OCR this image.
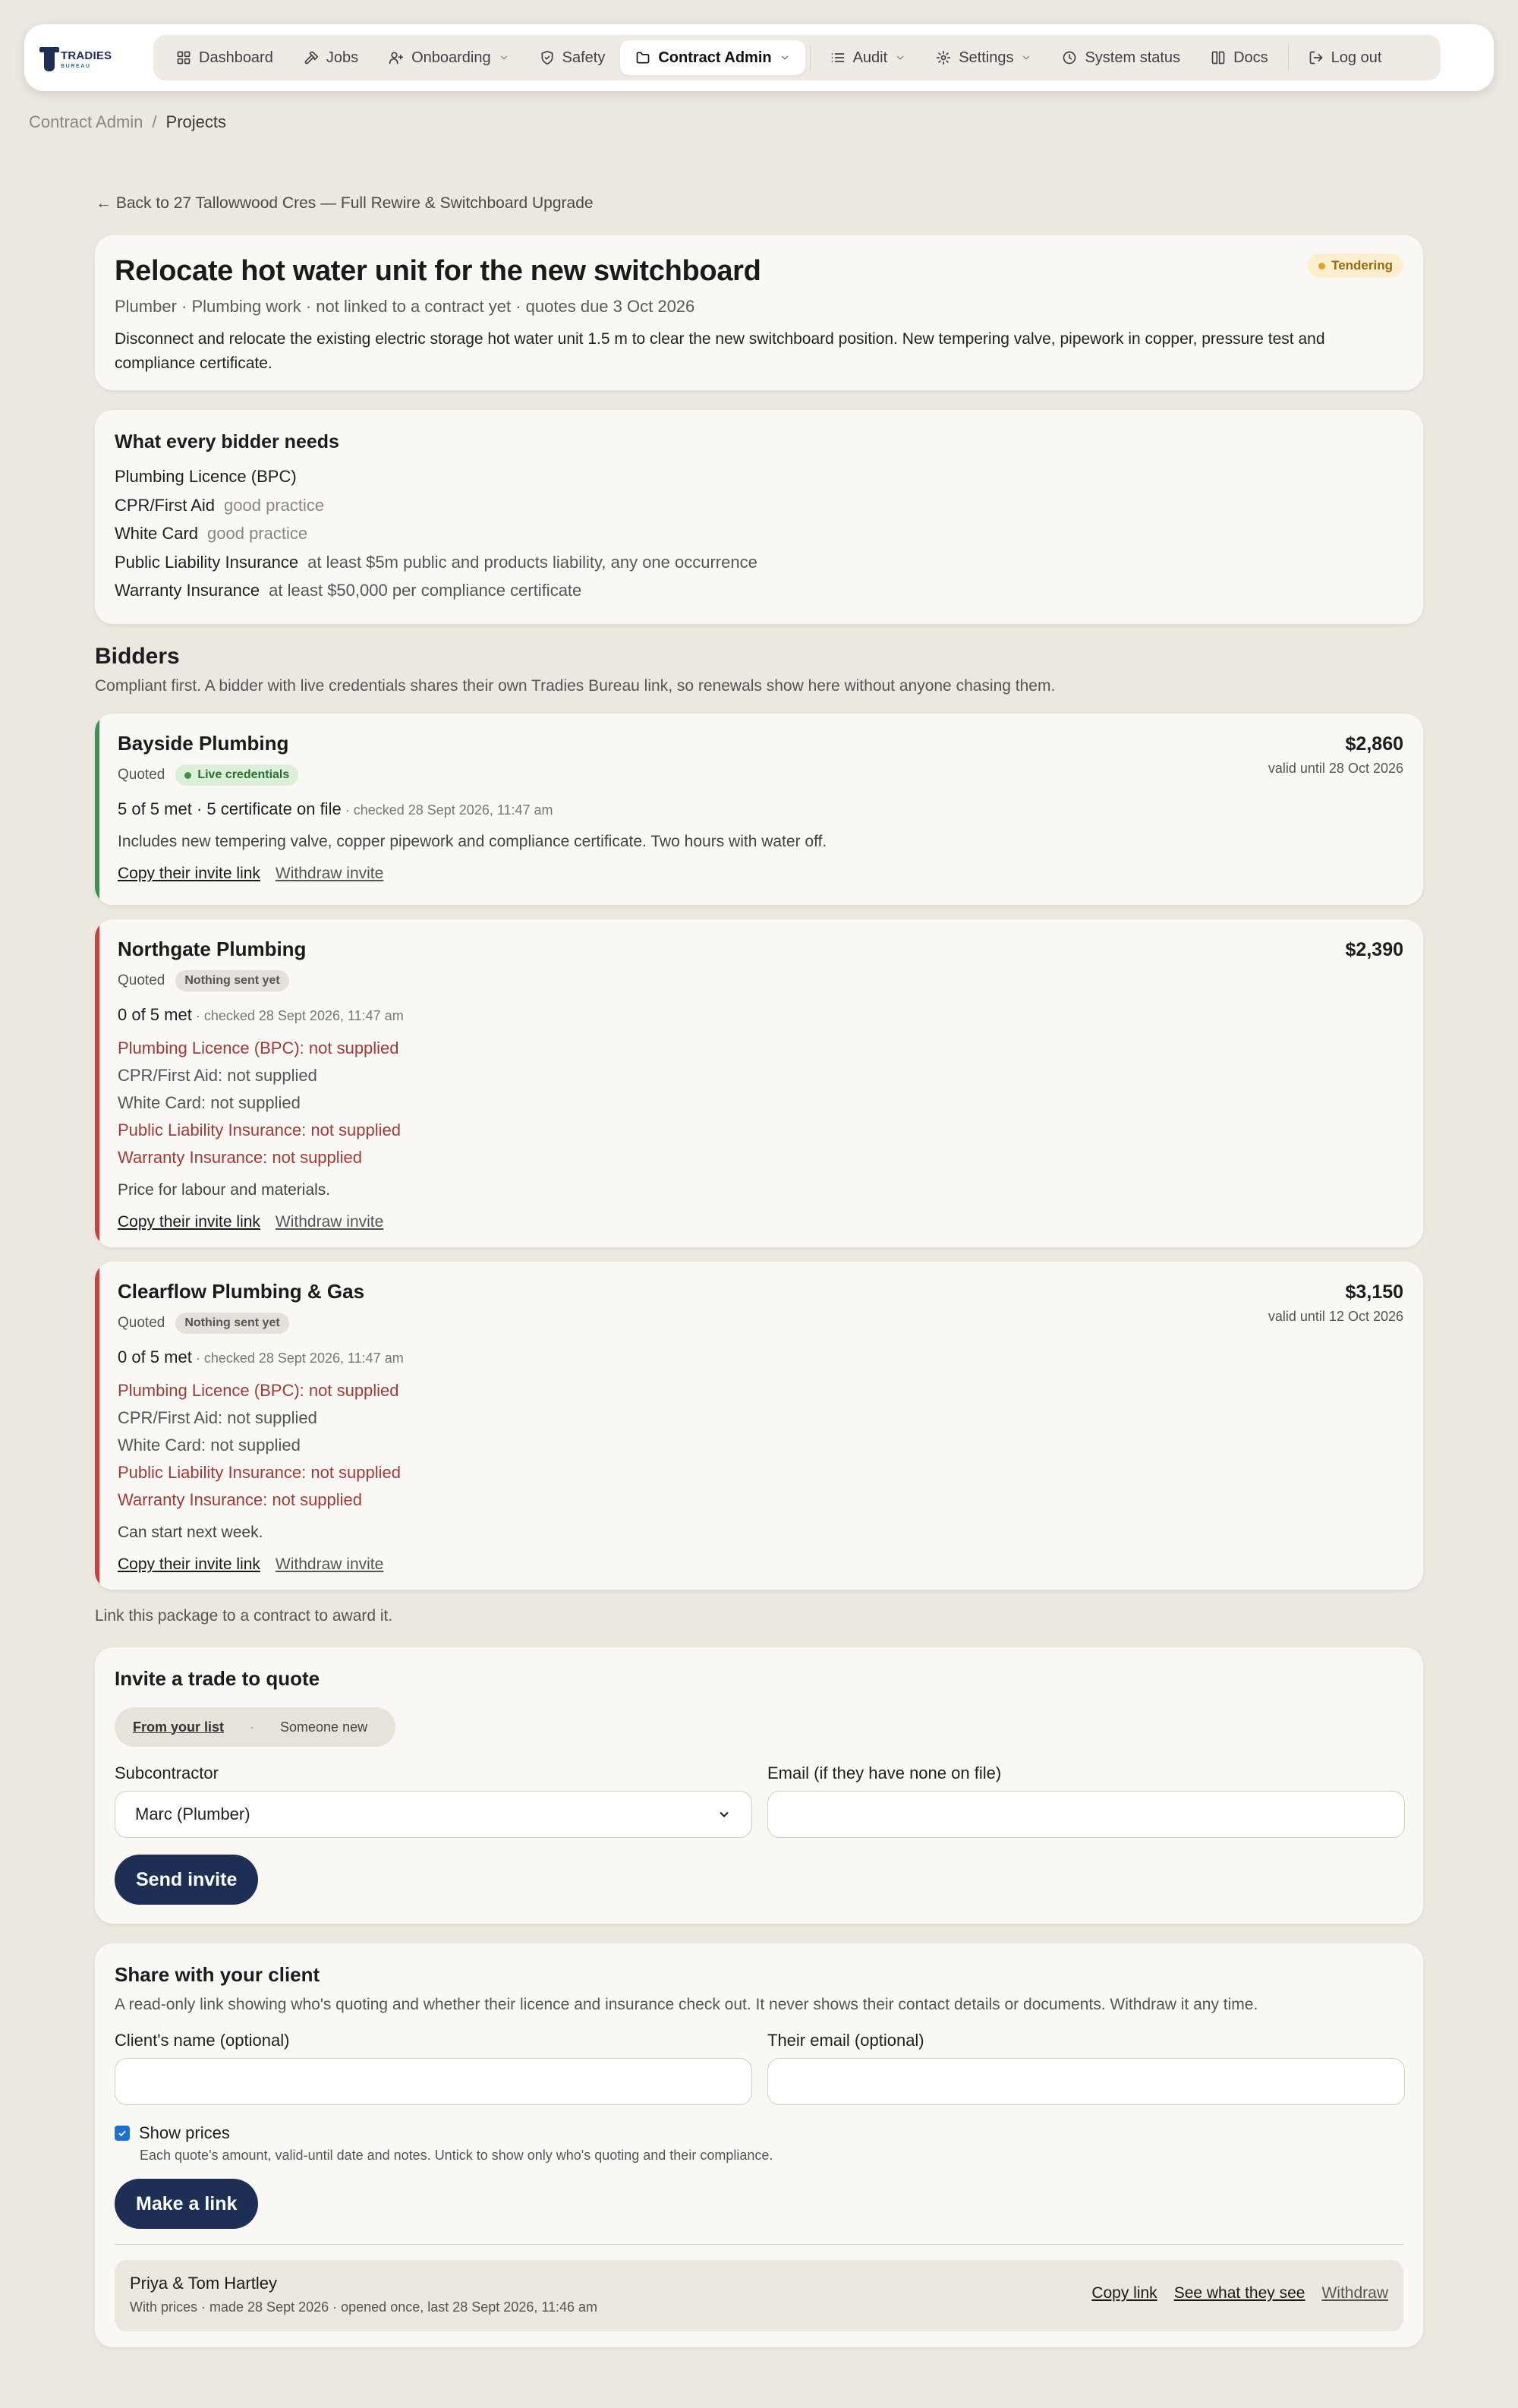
TRADIES
BUREAU
Dashboard	Jobs	Onboarding	Safety	Contract Admin	Audit	Settings	System status	Docs	Log out
Contract Admin / Projects
← Back to 27 Tallowwood Cres — Full Rewire & Switchboard Upgrade
Relocate hot water unit for the new switchboard
Plumber · Plumbing work · not linked to a contract yet · quotes due 3 Oct 2026
Disconnect and relocate the existing electric storage hot water unit 1.5 m to clear the new switchboard position. New tempering valve, pipework in copper, pressure test and compliance certificate.
Tendering
What every bidder needs
Plumbing Licence (BPC)
CPR/First Aid good practice
White Card good practice
Public Liability Insurance at least $5m public and products liability, any one occurrence
Warranty Insurance at least $50,000 per compliance certificate
Bidders
Compliant first. A bidder with live credentials shares their own Tradies Bureau link, so renewals show here without anyone chasing them.
Bayside Plumbing
Quoted	Live credentials
$2,860
valid until 28 Oct 2026
5 of 5 met · 5 certificate on file · checked 28 Sept 2026, 11:47 am
Includes new tempering valve, copper pipework and compliance certificate. Two hours with water off.
Copy their invite link Withdraw invite
Northgate Plumbing
Quoted Nothing sent yet
$2,390
0 of 5 met · checked 28 Sept 2026, 11:47 am
Plumbing Licence (BPC): not supplied
CPR/First Aid: not supplied
White Card: not supplied
Public Liability Insurance: not supplied
Warranty Insurance: not supplied
Price for labour and materials.
Copy their invite link Withdraw invite
Clearflow Plumbing & Gas
Quoted Nothing sent yet
$3,150
valid until 12 Oct 2026
0 of 5 met · checked 28 Sept 2026, 11:47 am
Plumbing Licence (BPC): not supplied
CPR/First Aid: not supplied
White Card: not supplied
Public Liability Insurance: not supplied
Warranty Insurance: not supplied
Can start next week.
Copy their invite link Withdraw invite
Link this package to a contract to award it.
Invite a trade to quote
From your list · Someone new
Subcontractor
Marc (Plumber)
Email (if they have none on file)
Send invite
Share with your client
A read-only link showing who's quoting and whether their licence and insurance check out. It never shows their contact details or documents. Withdraw it any time.
Client's name (optional)	Their email (optional)
Show prices
Each quote's amount, valid-until date and notes. Untick to show only who's quoting and their compliance.
Make a link
Priya & Tom Hartley
With prices · made 28 Sept 2026 · opened once, last 28 Sept 2026, 11:46 am
Copy link See what they see Withdraw
